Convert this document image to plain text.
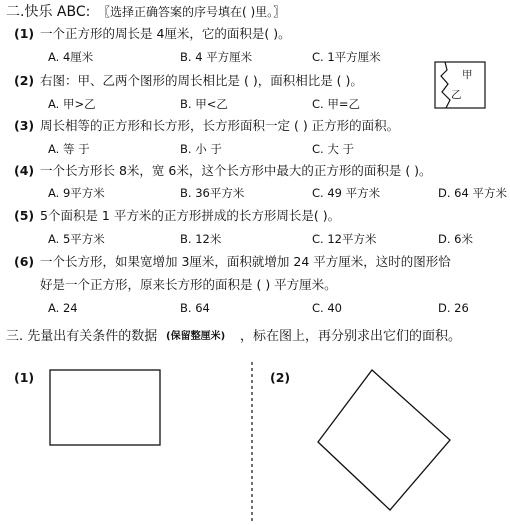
二.快乐 ABC: 〖选择正确答案的序号填在( )里。〗
(1) 一个正方形的周长是 4厘米，它的面积是( )。
A. 4厘米	B. 4 平方厘米	C. 1平方厘米
(2) 右图：甲、乙两个图形的周长相比是 ( )，面积相比是 ( )。
A. 甲>乙	B. 甲<乙	C. 甲=乙
甲
乙
(3) 周长相等的正方形和长方形，长方形面积一定 ( ) 正方形的面积。
A. 等 于	B. 小 于	C. 大 于
(4) 一个长方形长 8米，宽 6米，这个长方形中最大的正方形的面积是 ( )。
A. 9平方米	B. 36平方米	C. 49 平方米	D. 64 平方米
(5) 5个面积是 1 平方米的正方形拼成的长方形周长是( )。
A. 5平方米	B. 12米	C. 12平方米	D. 6米
(6) 一个长方形，如果宽增加 3厘米，面积就增加 24 平方厘米，这时的图形恰
好是一个正方形，原来长方形的面积是 ( ) 平方厘米。
A. 24	B. 64	C. 40	D. 26
三. 先量出有关条件的数据 (保留整厘米) ，标在图上，再分别求出它们的面积。
(1)	(2)
